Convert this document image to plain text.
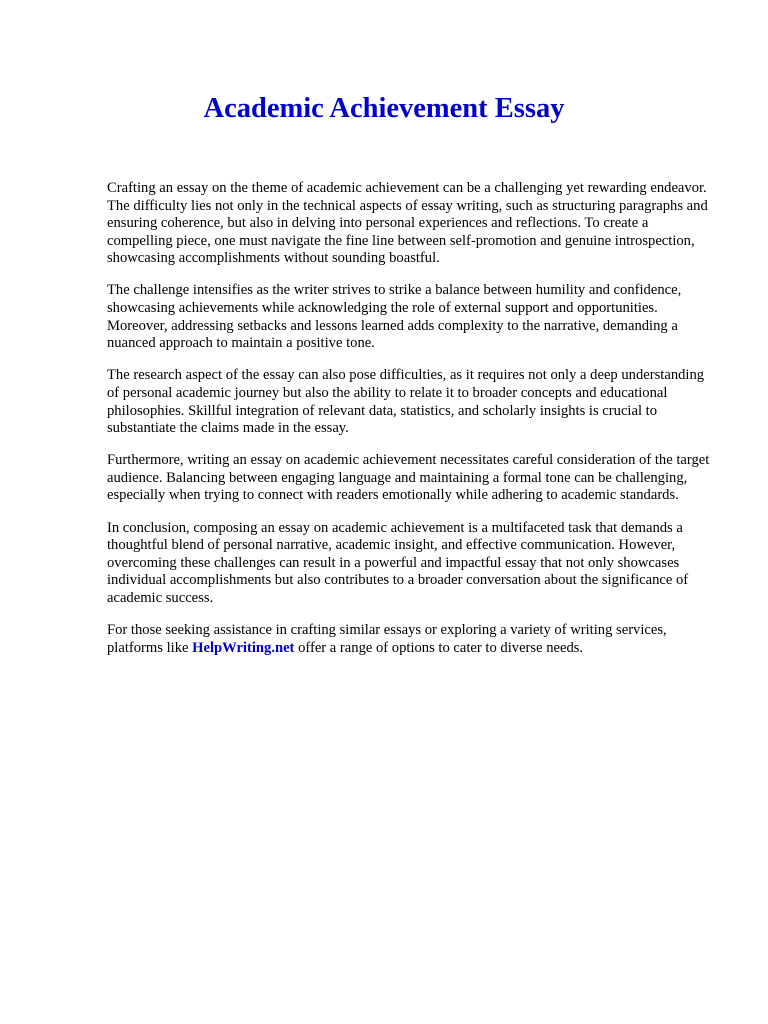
Academic Achievement Essay

Crafting an essay on the theme of academic achievement can be a challenging yet rewarding endeavor. The difficulty lies not only in the technical aspects of essay writing, such as structuring paragraphs and ensuring coherence, but also in delving into personal experiences and reflections. To create a compelling piece, one must navigate the fine line between self-promotion and genuine introspection, showcasing accomplishments without sounding boastful.

The challenge intensifies as the writer strives to strike a balance between humility and confidence, showcasing achievements while acknowledging the role of external support and opportunities. Moreover, addressing setbacks and lessons learned adds complexity to the narrative, demanding a nuanced approach to maintain a positive tone.

The research aspect of the essay can also pose difficulties, as it requires not only a deep understanding of personal academic journey but also the ability to relate it to broader concepts and educational philosophies. Skillful integration of relevant data, statistics, and scholarly insights is crucial to substantiate the claims made in the essay.

Furthermore, writing an essay on academic achievement necessitates careful consideration of the target audience. Balancing between engaging language and maintaining a formal tone can be challenging, especially when trying to connect with readers emotionally while adhering to academic standards.

In conclusion, composing an essay on academic achievement is a multifaceted task that demands a thoughtful blend of personal narrative, academic insight, and effective communication. However, overcoming these challenges can result in a powerful and impactful essay that not only showcases individual accomplishments but also contributes to a broader conversation about the significance of academic success.

For those seeking assistance in crafting similar essays or exploring a variety of writing services, platforms like HelpWriting.net offer a range of options to cater to diverse needs.
